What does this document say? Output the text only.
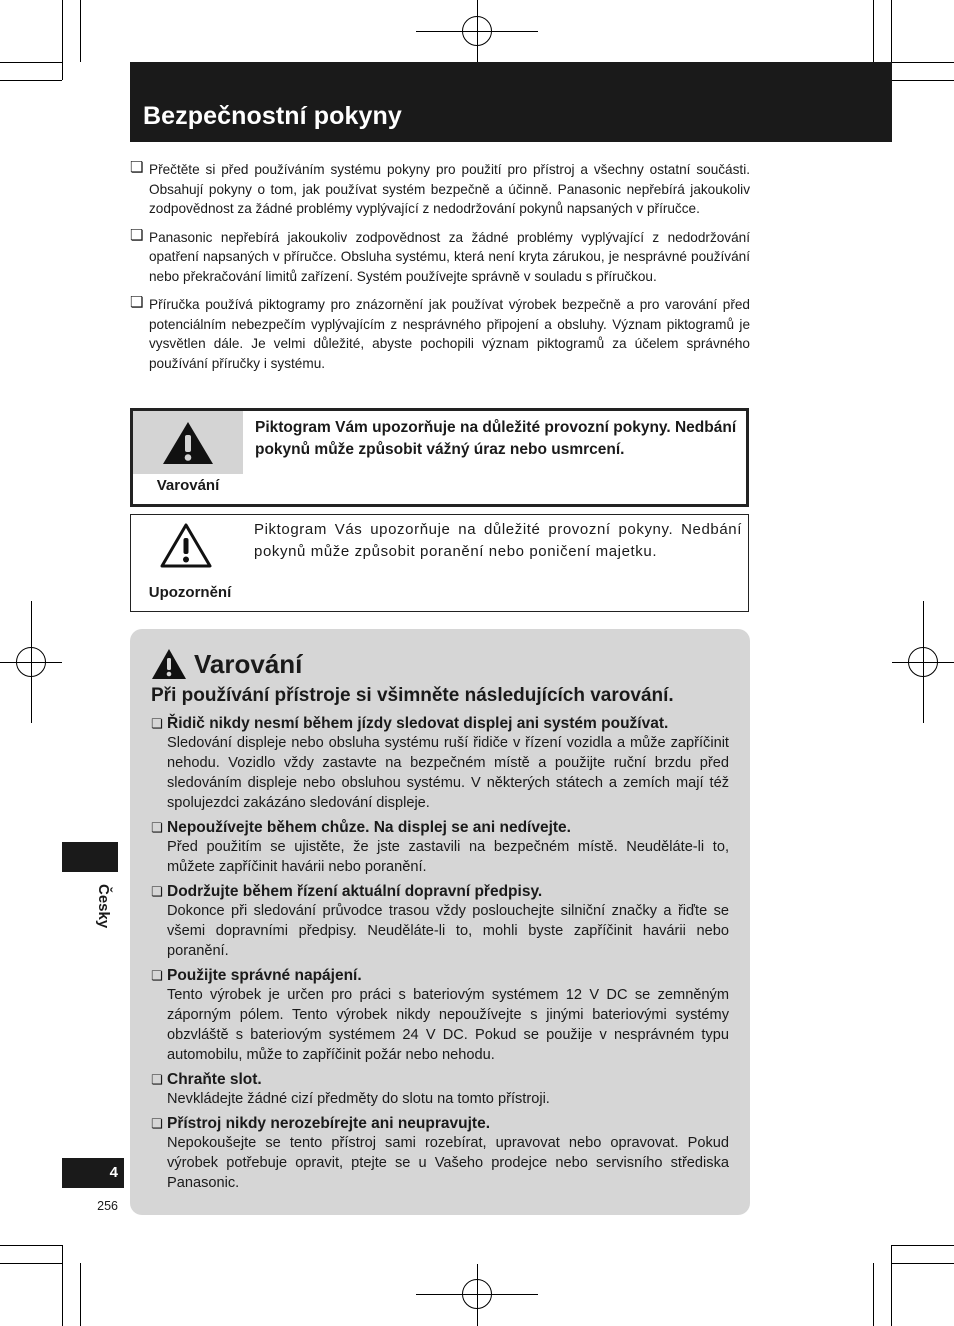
Bezpečnostní pokyny
❏ Přečtěte si před používáním systému pokyny pro použití pro přístroj a všechny ostatní součásti. Obsahují pokyny o tom, jak používat systém bezpečně a účinně. Panasonic nepřebírá jakoukoliv zodpovědnost za žádné problémy vyplývající z nedodržování pokynů napsaných v příručce.
❏ Panasonic nepřebírá jakoukoliv zodpovědnost za žádné problémy vyplývající z nedodržování opatření napsaných v příručce. Obsluha systému, která není kryta zárukou, je nesprávné používání nebo překračování limitů zařízení. Systém používejte správně v souladu s příručkou.
❏ Příručka používá piktogramy pro znázornění jak používat výrobek bezpečně a pro varování před potenciálním nebezpečím vyplývajícím z nesprávného připojení a obsluhy. Význam piktogramů je vysvětlen dále. Je velmi důležité, abyste pochopili význam piktogramů za účelem správného používání příručky i systému.
Varování
Piktogram Vám upozorňuje na důležité provozní pokyny. Nedbání pokynů může způsobit vážný úraz nebo usmrcení.
Upozornění
Piktogram Vás upozorňuje na důležité provozní pokyny. Nedbání pokynů může způsobit poranění nebo poničení majetku.
Varování
Při používání přístroje si všimněte následujících varování.
❏ Řidič nikdy nesmí během jízdy sledovat displej ani systém používat.
Sledování displeje nebo obsluha systému ruší řidiče v řízení vozidla a může zapříčinit nehodu. Vozidlo vždy zastavte na bezpečném místě a použijte ruční brzdu před sledováním displeje nebo obsluhou systému. V některých státech a zemích mají též spolujezdci zakázáno sledování displeje.
❏ Nepoužívejte během chůze. Na displej se ani nedívejte.
Před použitím se ujistěte, že jste zastavili na bezpečném místě. Neuděláte-li to, můžete zapříčinit havárii nebo poranění.
❏ Dodržujte během řízení aktuální dopravní předpisy.
Dokonce při sledování průvodce trasou vždy poslouchejte silniční značky a řiďte se všemi dopravními předpisy. Neuděláte-li to, mohli byste zapříčinit havárii nebo poranění.
❏ Použijte správné napájení.
Tento výrobek je určen pro práci s bateriovým systémem 12 V DC se zemněným záporným pólem. Tento výrobek nikdy nepoužívejte s jinými bateriovými systémy obzvláště s bateriovým systémem 24 V DC. Pokud se použije v nesprávném typu automobilu, může to zapříčinit požár nebo nehodu.
❏ Chraňte slot.
Nevkládejte žádné cizí předměty do slotu na tomto přístroji.
❏ Přístroj nikdy nerozebírejte ani neupravujte.
Nepokoušejte se tento přístroj sami rozebírat, upravovat nebo opravovat. Pokud výrobek potřebuje opravit, ptejte se u Vašeho prodejce nebo servisního střediska Panasonic.
Česky
4
256
